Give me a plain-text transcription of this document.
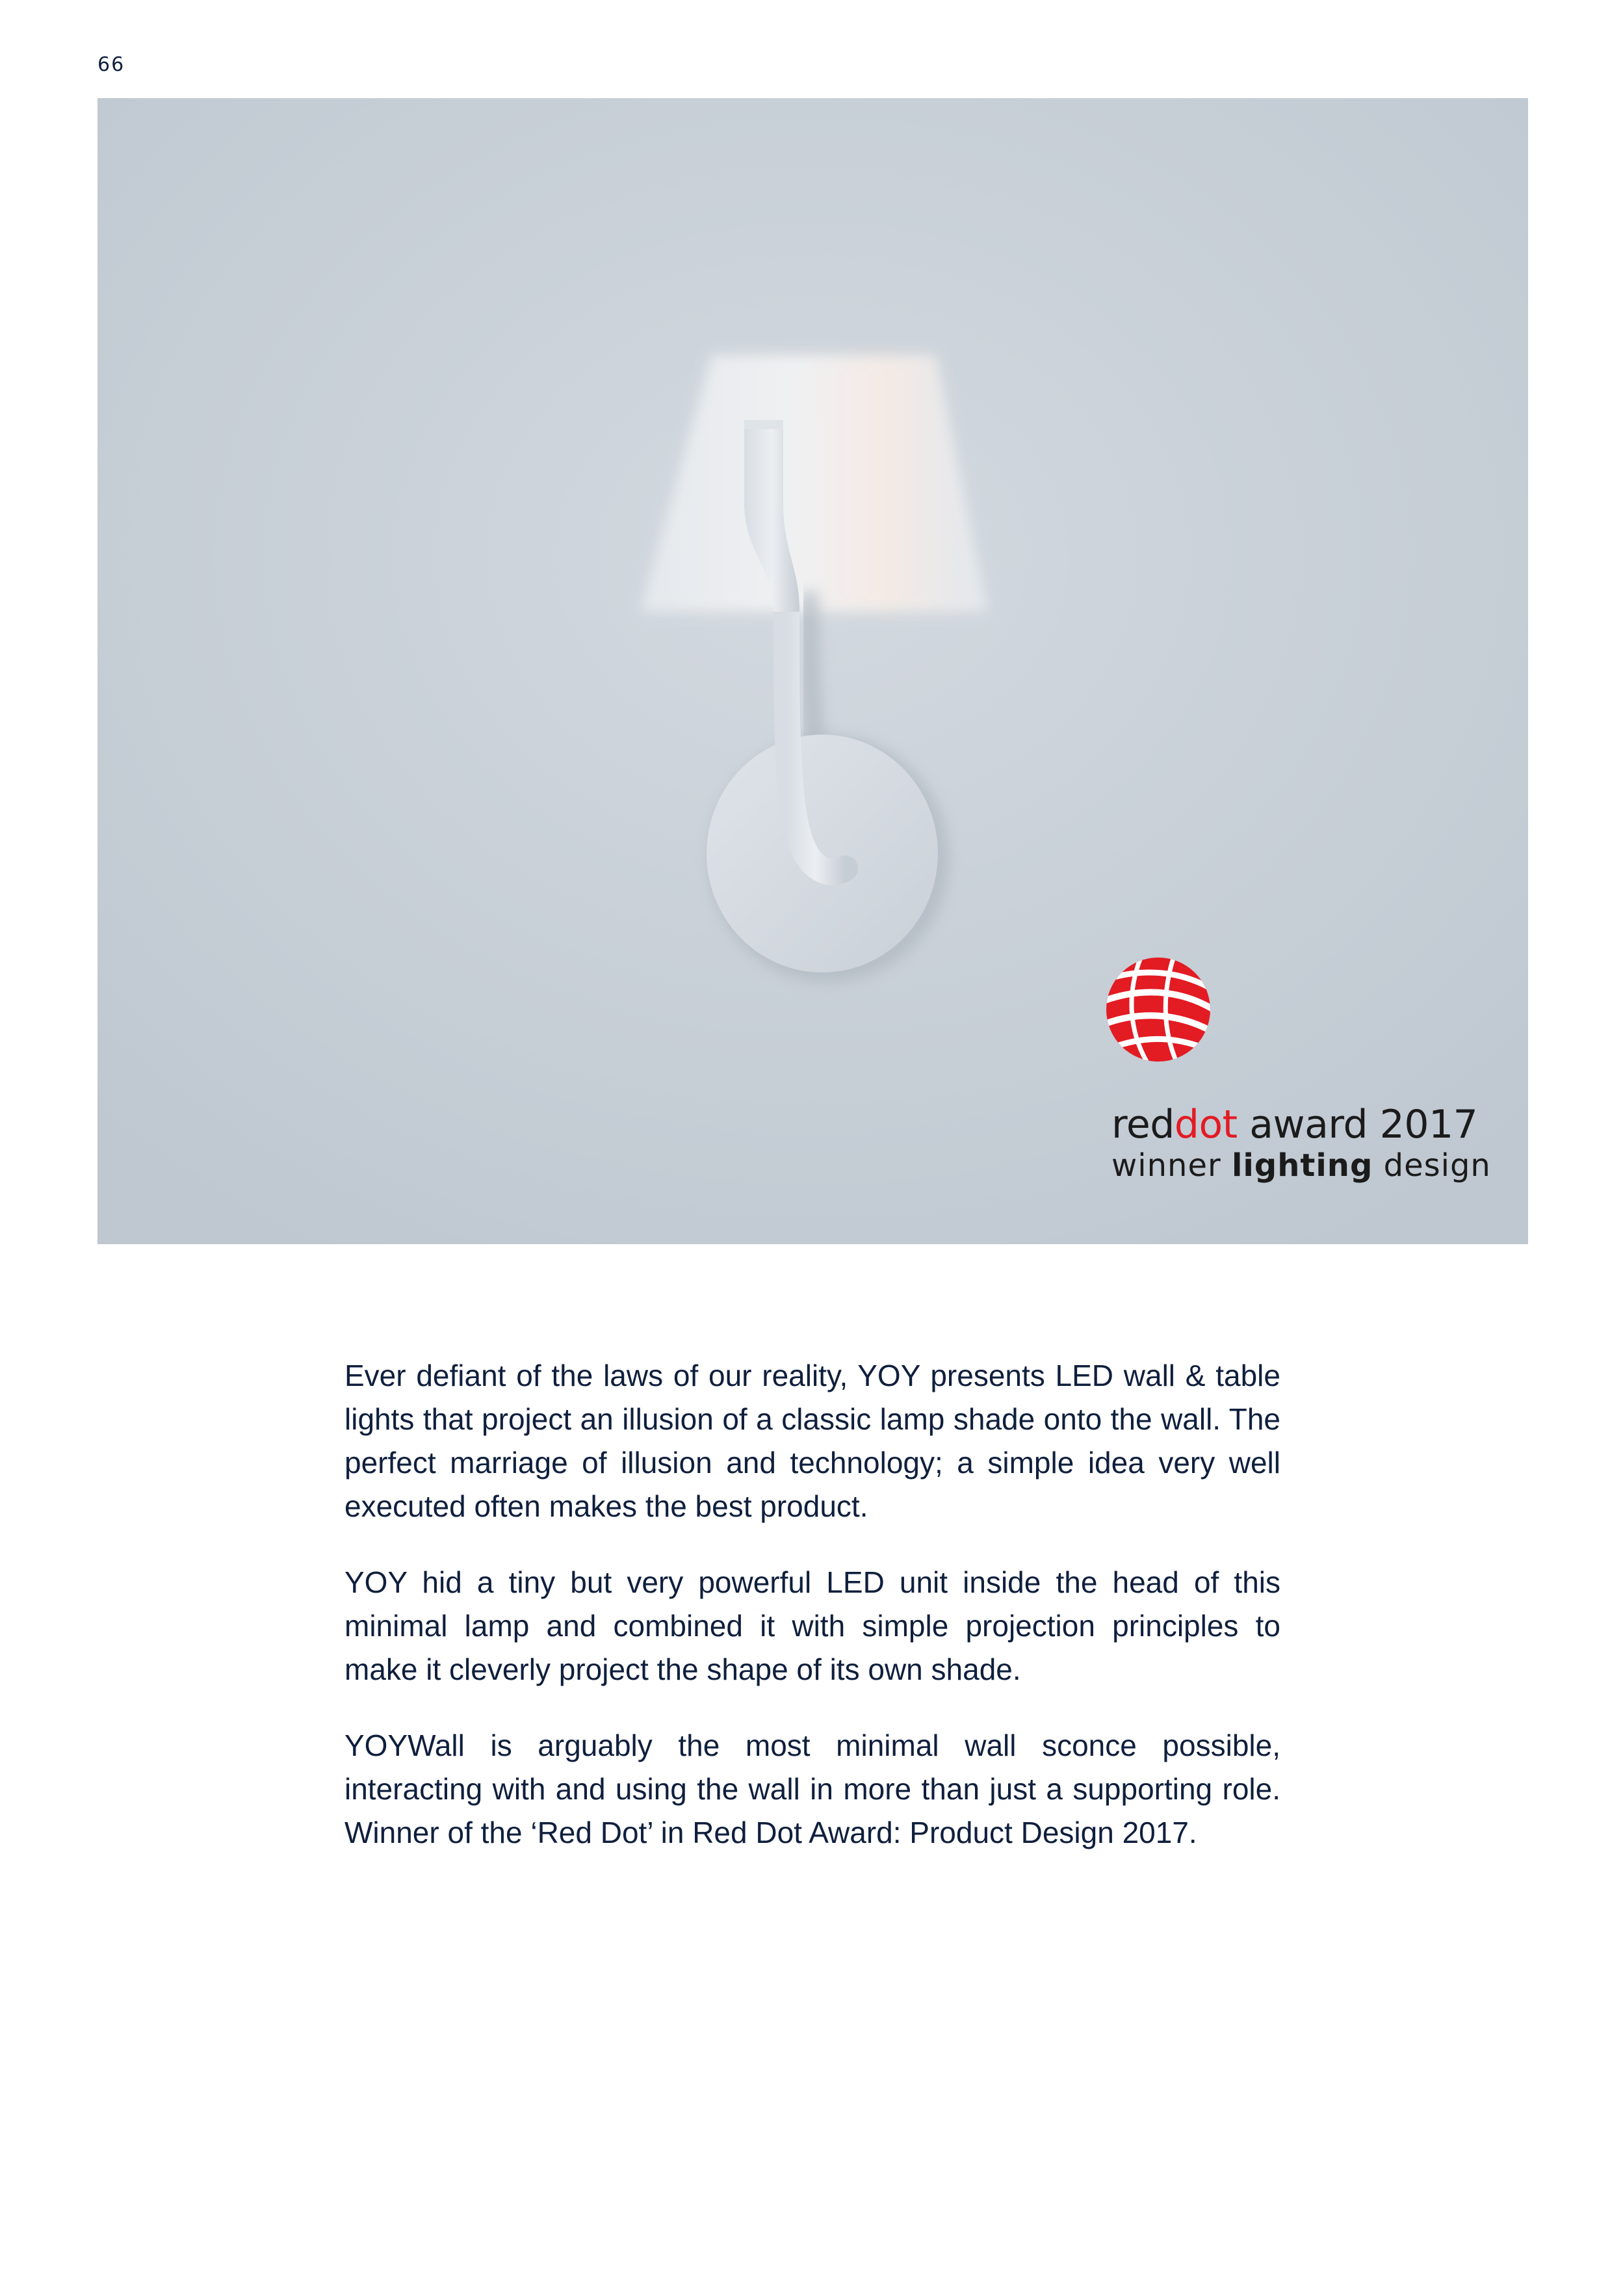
66
reddot award 2017
winner lighting design

Ever defiant of the laws of our reality, YOY presents LED wall & table lights that project an illusion of a classic lamp shade onto the wall. The perfect marriage of illusion and technology; a simple idea very well executed often makes the best product.

YOY hid a tiny but very powerful LED unit inside the head of this minimal lamp and combined it with simple projection principles to make it cleverly project the shape of its own shade.

YOYWall is arguably the most minimal wall sconce possible, interacting with and using the wall in more than just a supporting role. Winner of the ‘Red Dot’ in Red Dot Award: Product Design 2017.
